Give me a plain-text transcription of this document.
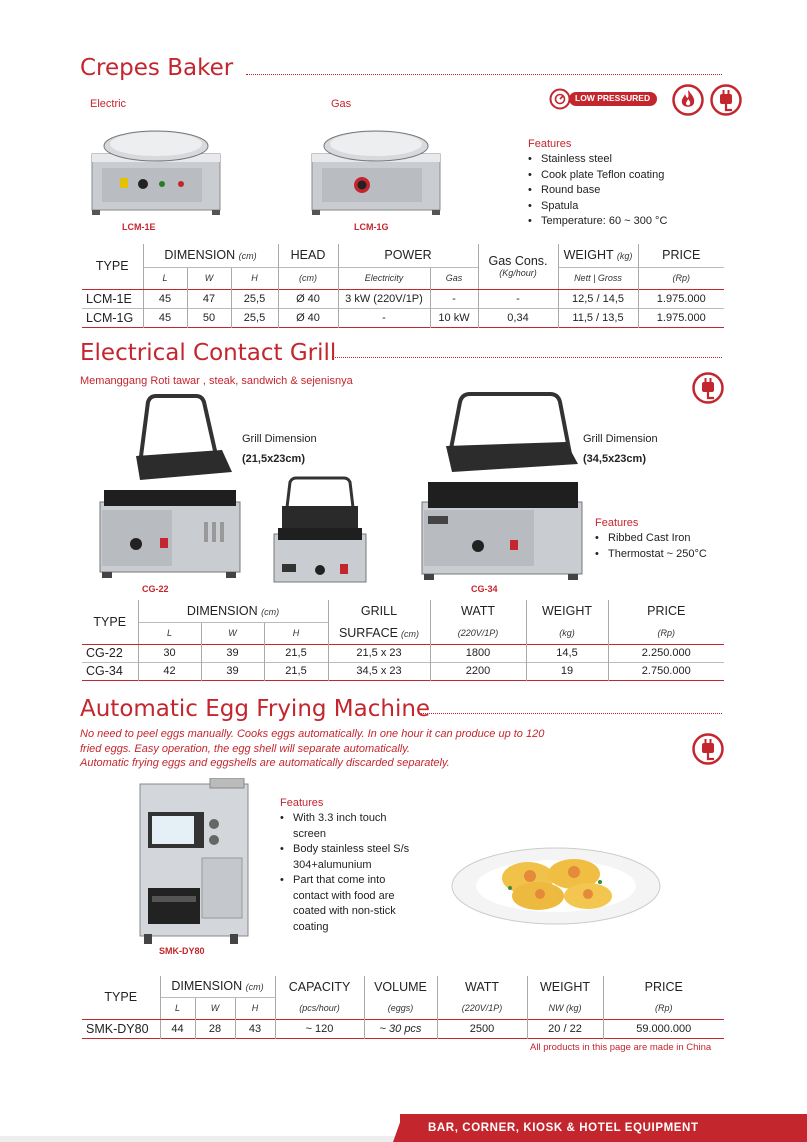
Crepes Baker
Electric	Gas	LOW PRESSURED
LCM-1E	LCM-1G
Features
• Stainless steel
• Cook plate Teflon coating
• Round base
• Spatula
• Temperature: 60 ~ 300 °C
TYPE	DIMENSION (cm)			HEAD	POWER		Gas Cons.
(Kg/hour)	WEIGHT (kg)	PRICE
	L	W	H	(cm)	Electricity	Gas		Nett | Gross	(Rp)
LCM-1E	45	47	25,5	Ø 40	3 kW (220V/1P)	-	-	12,5 / 14,5	1.975.000
LCM-1G	45	50	25,5	Ø 40	-	10 kW	0,34	11,5 / 13,5	1.975.000
Electrical Contact Grill
Memanggang Roti tawar , steak, sandwich & sejenisnya
CG-22
Grill Dimension
(21,5x23cm)
CG-34
Grill Dimension
(34,5x23cm)
Features
• Ribbed Cast Iron
• Thermostat ~ 250°C
TYPE	DIMENSION (cm)			GRILL	WATT	WEIGHT	PRICE
	L	W	H	SURFACE (cm)	(220V/1P)	(kg)	(Rp)
CG-22	30	39	21,5	21,5 x 23	1800	14,5	2.250.000
CG-34	42	39	21,5	34,5 x 23	2200	19	2.750.000
Automatic Egg Frying Machine
No need to peel eggs manually. Cooks eggs automatically. In one hour it can produce up to 120
fried eggs. Easy operation, the egg shell will separate automatically.
Automatic frying eggs and eggshells are automatically discarded separately.
SMK-DY80
Features
• With 3.3 inch touch screen
• Body stainless steel S/s 304+alumunium
• Part that come into contact with food are coated with non-stick coating
TYPE	DIMENSION (cm)			CAPACITY	VOLUME	WATT	WEIGHT	PRICE
	L	W	H	(pcs/hour)	(eggs)	(220V/1P)	NW (kg)	(Rp)
SMK-DY80	44	28	43	~ 120	~ 30 pcs	2500	20 / 22	59.000.000
All products in this page are made in China
BAR, CORNER, KIOSK & HOTEL EQUIPMENT
